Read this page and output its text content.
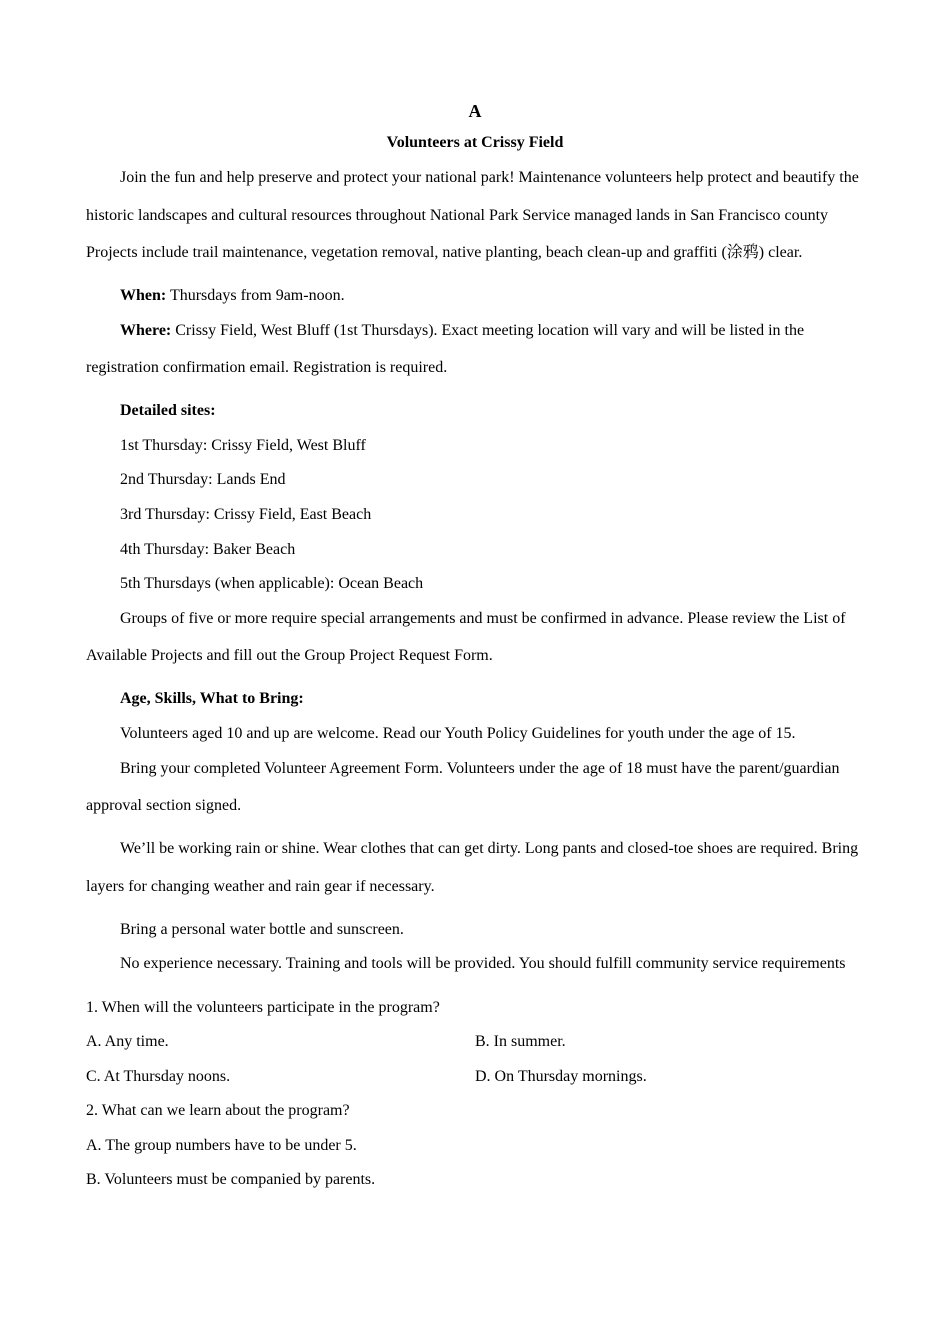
A
Volunteers at Crissy Field

Join the fun and help preserve and protect your national park! Maintenance volunteers help protect and beautify the historic landscapes and cultural resources throughout National Park Service managed lands in San Francisco county Projects include trail maintenance, vegetation removal, native planting, beach clean-up and graffiti (涂鸦) clear.

When: Thursdays from 9am-noon.

Where: Crissy Field, West Bluff (1st Thursdays). Exact meeting location will vary and will be listed in the registration confirmation email. Registration is required.

Detailed sites:

1st Thursday: Crissy Field, West Bluff

2nd Thursday: Lands End

3rd Thursday: Crissy Field, East Beach

4th Thursday: Baker Beach

5th Thursdays (when applicable): Ocean Beach

Groups of five or more require special arrangements and must be confirmed in advance. Please review the List of Available Projects and fill out the Group Project Request Form.

Age, Skills, What to Bring:

Volunteers aged 10 and up are welcome. Read our Youth Policy Guidelines for youth under the age of 15.

Bring your completed Volunteer Agreement Form. Volunteers under the age of 18 must have the parent/guardian approval section signed.

We’ll be working rain or shine. Wear clothes that can get dirty. Long pants and closed-toe shoes are required. Bring layers for changing weather and rain gear if necessary.

Bring a personal water bottle and sunscreen.

No experience necessary. Training and tools will be provided. You should fulfill community service requirements

1. When will the volunteers participate in the program?

A. Any time.	B. In summer.
C. At Thursday noons.	D. On Thursday mornings.

2. What can we learn about the program?

A. The group numbers have to be under 5.

B. Volunteers must be companied by parents.
